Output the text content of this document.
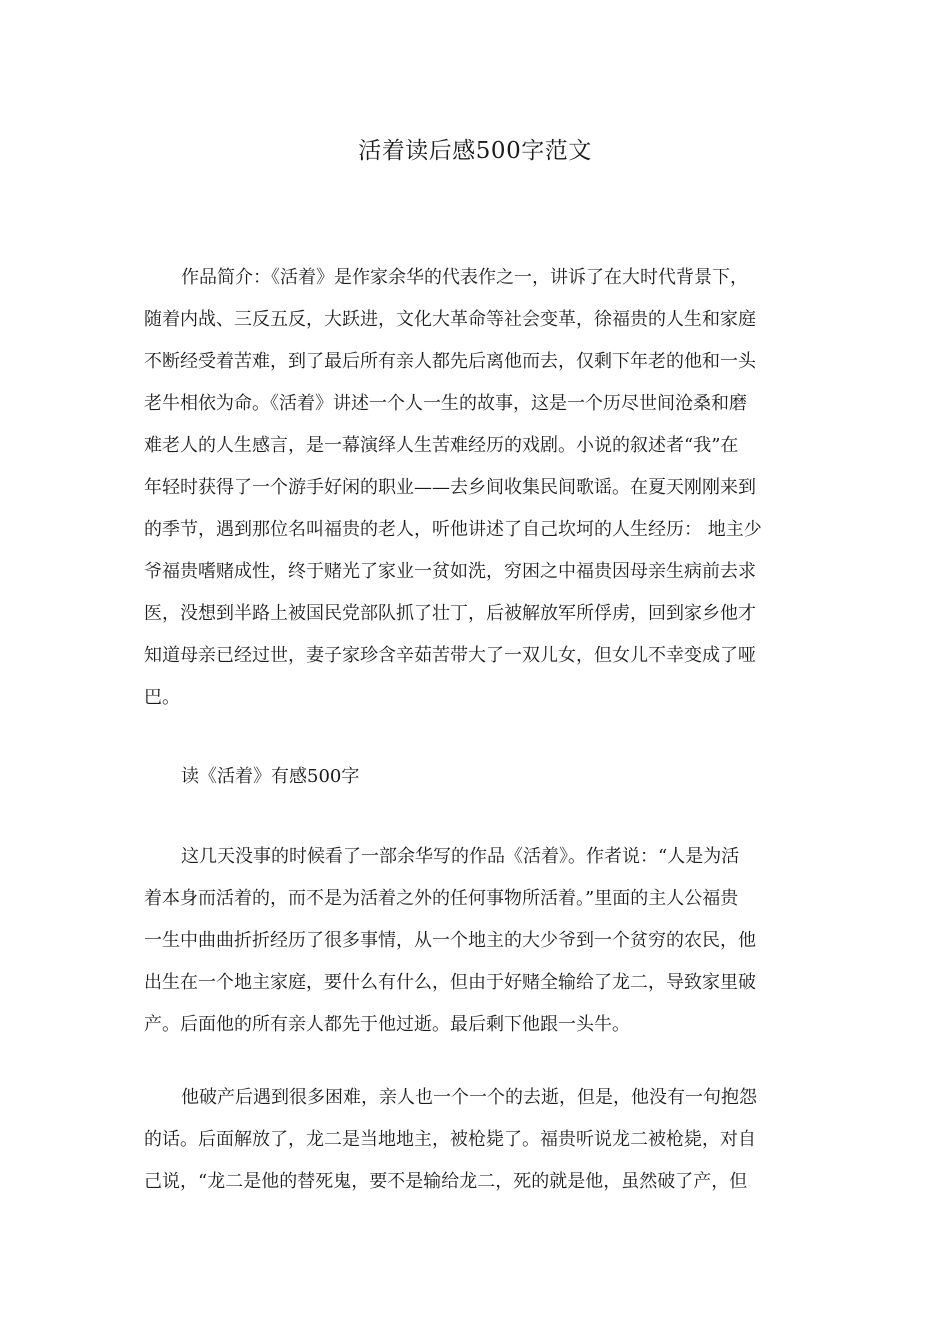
活着读后感500字范文
作品简介：《活着》是作家余华的代表作之一，讲诉了在大时代背景下，
随着内战、三反五反，大跃进，文化大革命等社会变革，徐福贵的人生和家庭
不断经受着苦难，到了最后所有亲人都先后离他而去，仅剩下年老的他和一头
老牛相依为命。《活着》讲述一个人一生的故事，这是一个历尽世间沧桑和磨
难老人的人生感言，是一幕演绎人生苦难经历的戏剧。小说的叙述者“我”在
年轻时获得了一个游手好闲的职业——去乡间收集民间歌谣。在夏天刚刚来到
的季节，遇到那位名叫福贵的老人，听他讲述了自己坎坷的人生经历： 地主少
爷福贵嗜赌成性，终于赌光了家业一贫如洗，穷困之中福贵因母亲生病前去求
医，没想到半路上被国民党部队抓了壮丁，后被解放军所俘虏，回到家乡他才
知道母亲已经过世，妻子家珍含辛茹苦带大了一双儿女，但女儿不幸变成了哑
巴。
读《活着》有感500字
这几天没事的时候看了一部余华写的作品《活着》。作者说：“人是为活
着本身而活着的，而不是为活着之外的任何事物所活着。”里面的主人公福贵
一生中曲曲折折经历了很多事情，从一个地主的大少爷到一个贫穷的农民，他
出生在一个地主家庭，要什么有什么，但由于好赌全输给了龙二，导致家里破
产。后面他的所有亲人都先于他过逝。最后剩下他跟一头牛。
他破产后遇到很多困难，亲人也一个一个的去逝，但是，他没有一句抱怨
的话。后面解放了，龙二是当地地主，被枪毙了。福贵听说龙二被枪毙，对自
己说，“龙二是他的替死鬼，要不是输给龙二，死的就是他，虽然破了产，但
